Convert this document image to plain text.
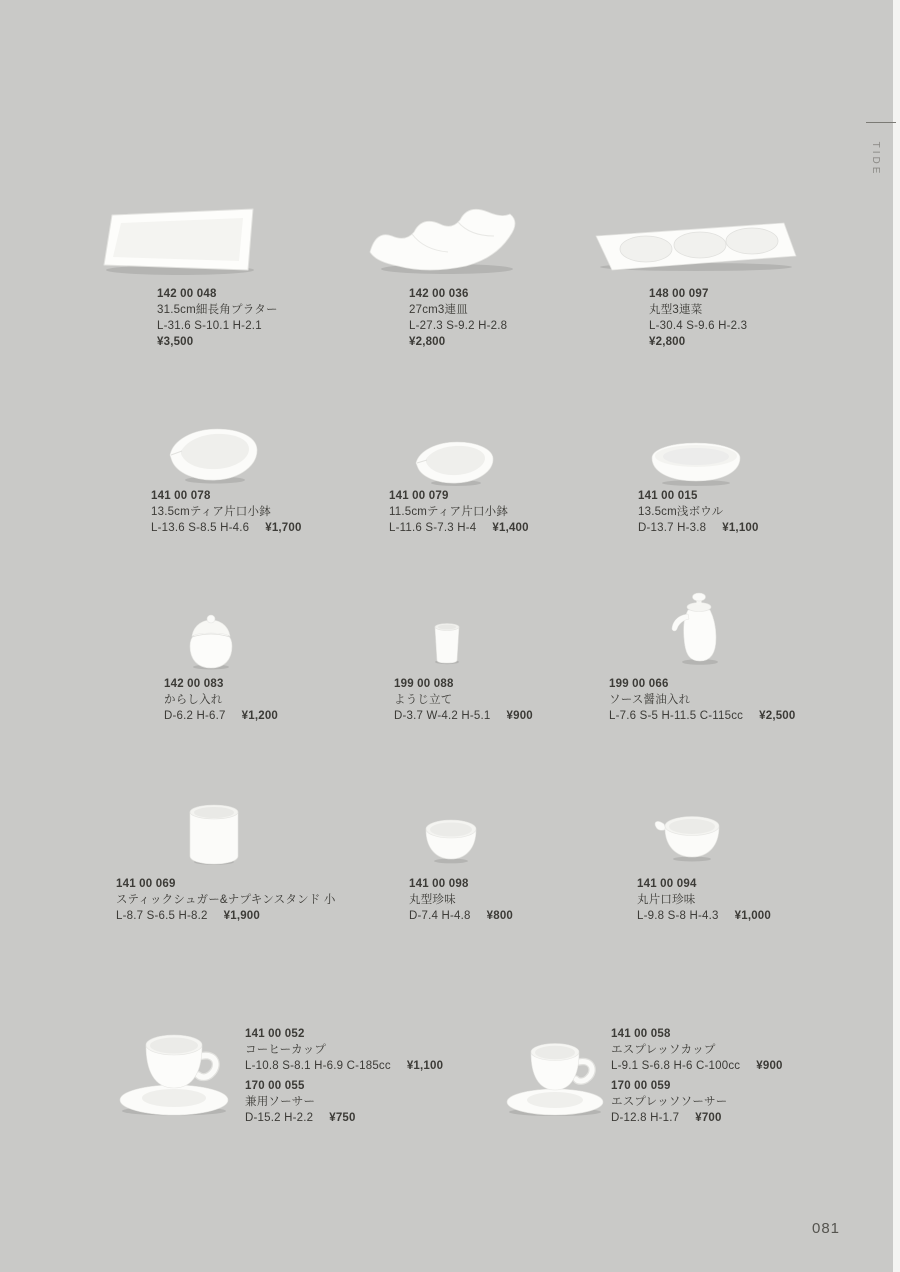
TIDE
081

142 00 048

31.5cm細長角プラター

L-31.6 S-10.1 H-2.1

¥3,500

142 00 036

27cm3連皿

L-27.3 S-9.2 H-2.8

¥2,800

148 00 097

丸型3連菜

L-30.4 S-9.6 H-2.3

¥2,800

141 00 078

13.5cmティア片口小鉢

L-13.6 S-8.5 H-4.6 ¥1,700

141 00 079

11.5cmティア片口小鉢

L-11.6 S-7.3 H-4 ¥1,400

141 00 015

13.5cm浅ボウル

D-13.7 H-3.8 ¥1,100

142 00 083

からし入れ

D-6.2 H-6.7 ¥1,200

199 00 088

ようじ立て

D-3.7 W-4.2 H-5.1 ¥900

199 00 066

ソース醤油入れ

L-7.6 S-5 H-11.5 C-115cc ¥2,500

141 00 069

スティックシュガー&ナプキンスタンド 小

L-8.7 S-6.5 H-8.2 ¥1,900

141 00 098

丸型珍味

D-7.4 H-4.8 ¥800

141 00 094

丸片口珍味

L-9.8 S-8 H-4.3 ¥1,000

141 00 052

コーヒーカップ

L-10.8 S-8.1 H-6.9 C-185cc ¥1,100

170 00 055

兼用ソーサー

D-15.2 H-2.2 ¥750

141 00 058

エスプレッソカップ

L-9.1 S-6.8 H-6 C-100cc ¥900

170 00 059

エスプレッソソーサー

D-12.8 H-1.7 ¥700
